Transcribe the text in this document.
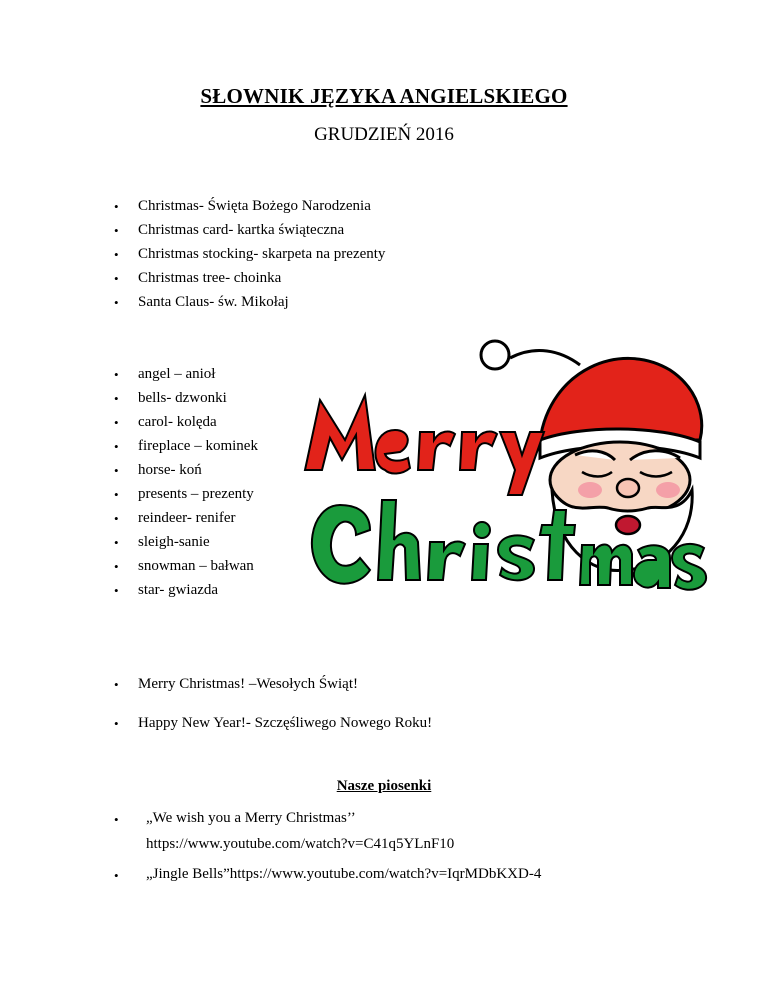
SŁOWNIK JĘZYKA ANGIELSKIEGO
GRUDZIEŃ 2016
• Christmas- Święta Bożego Narodzenia
• Christmas card- kartka świąteczna
• Christmas stocking- skarpeta na prezenty
• Christmas tree- choinka
• Santa Claus- św. Mikołaj
• angel – anioł
• bells- dzwonki
• carol- kolęda
• fireplace – kominek
• horse- koń
• presents – prezenty
• reindeer- renifer
• sleigh-sanie
• snowman – bałwan
• star- gwiazda
• Merry Christmas! –Wesołych Świąt!
• Happy New Year!- Szczęśliwego Nowego Roku!
Nasze piosenki
• „We wish you a Merry Christmas’’
https://www.youtube.com/watch?v=C41q5YLnF10
• „Jingle Bells”https://www.youtube.com/watch?v=IqrMDbKXD-4
